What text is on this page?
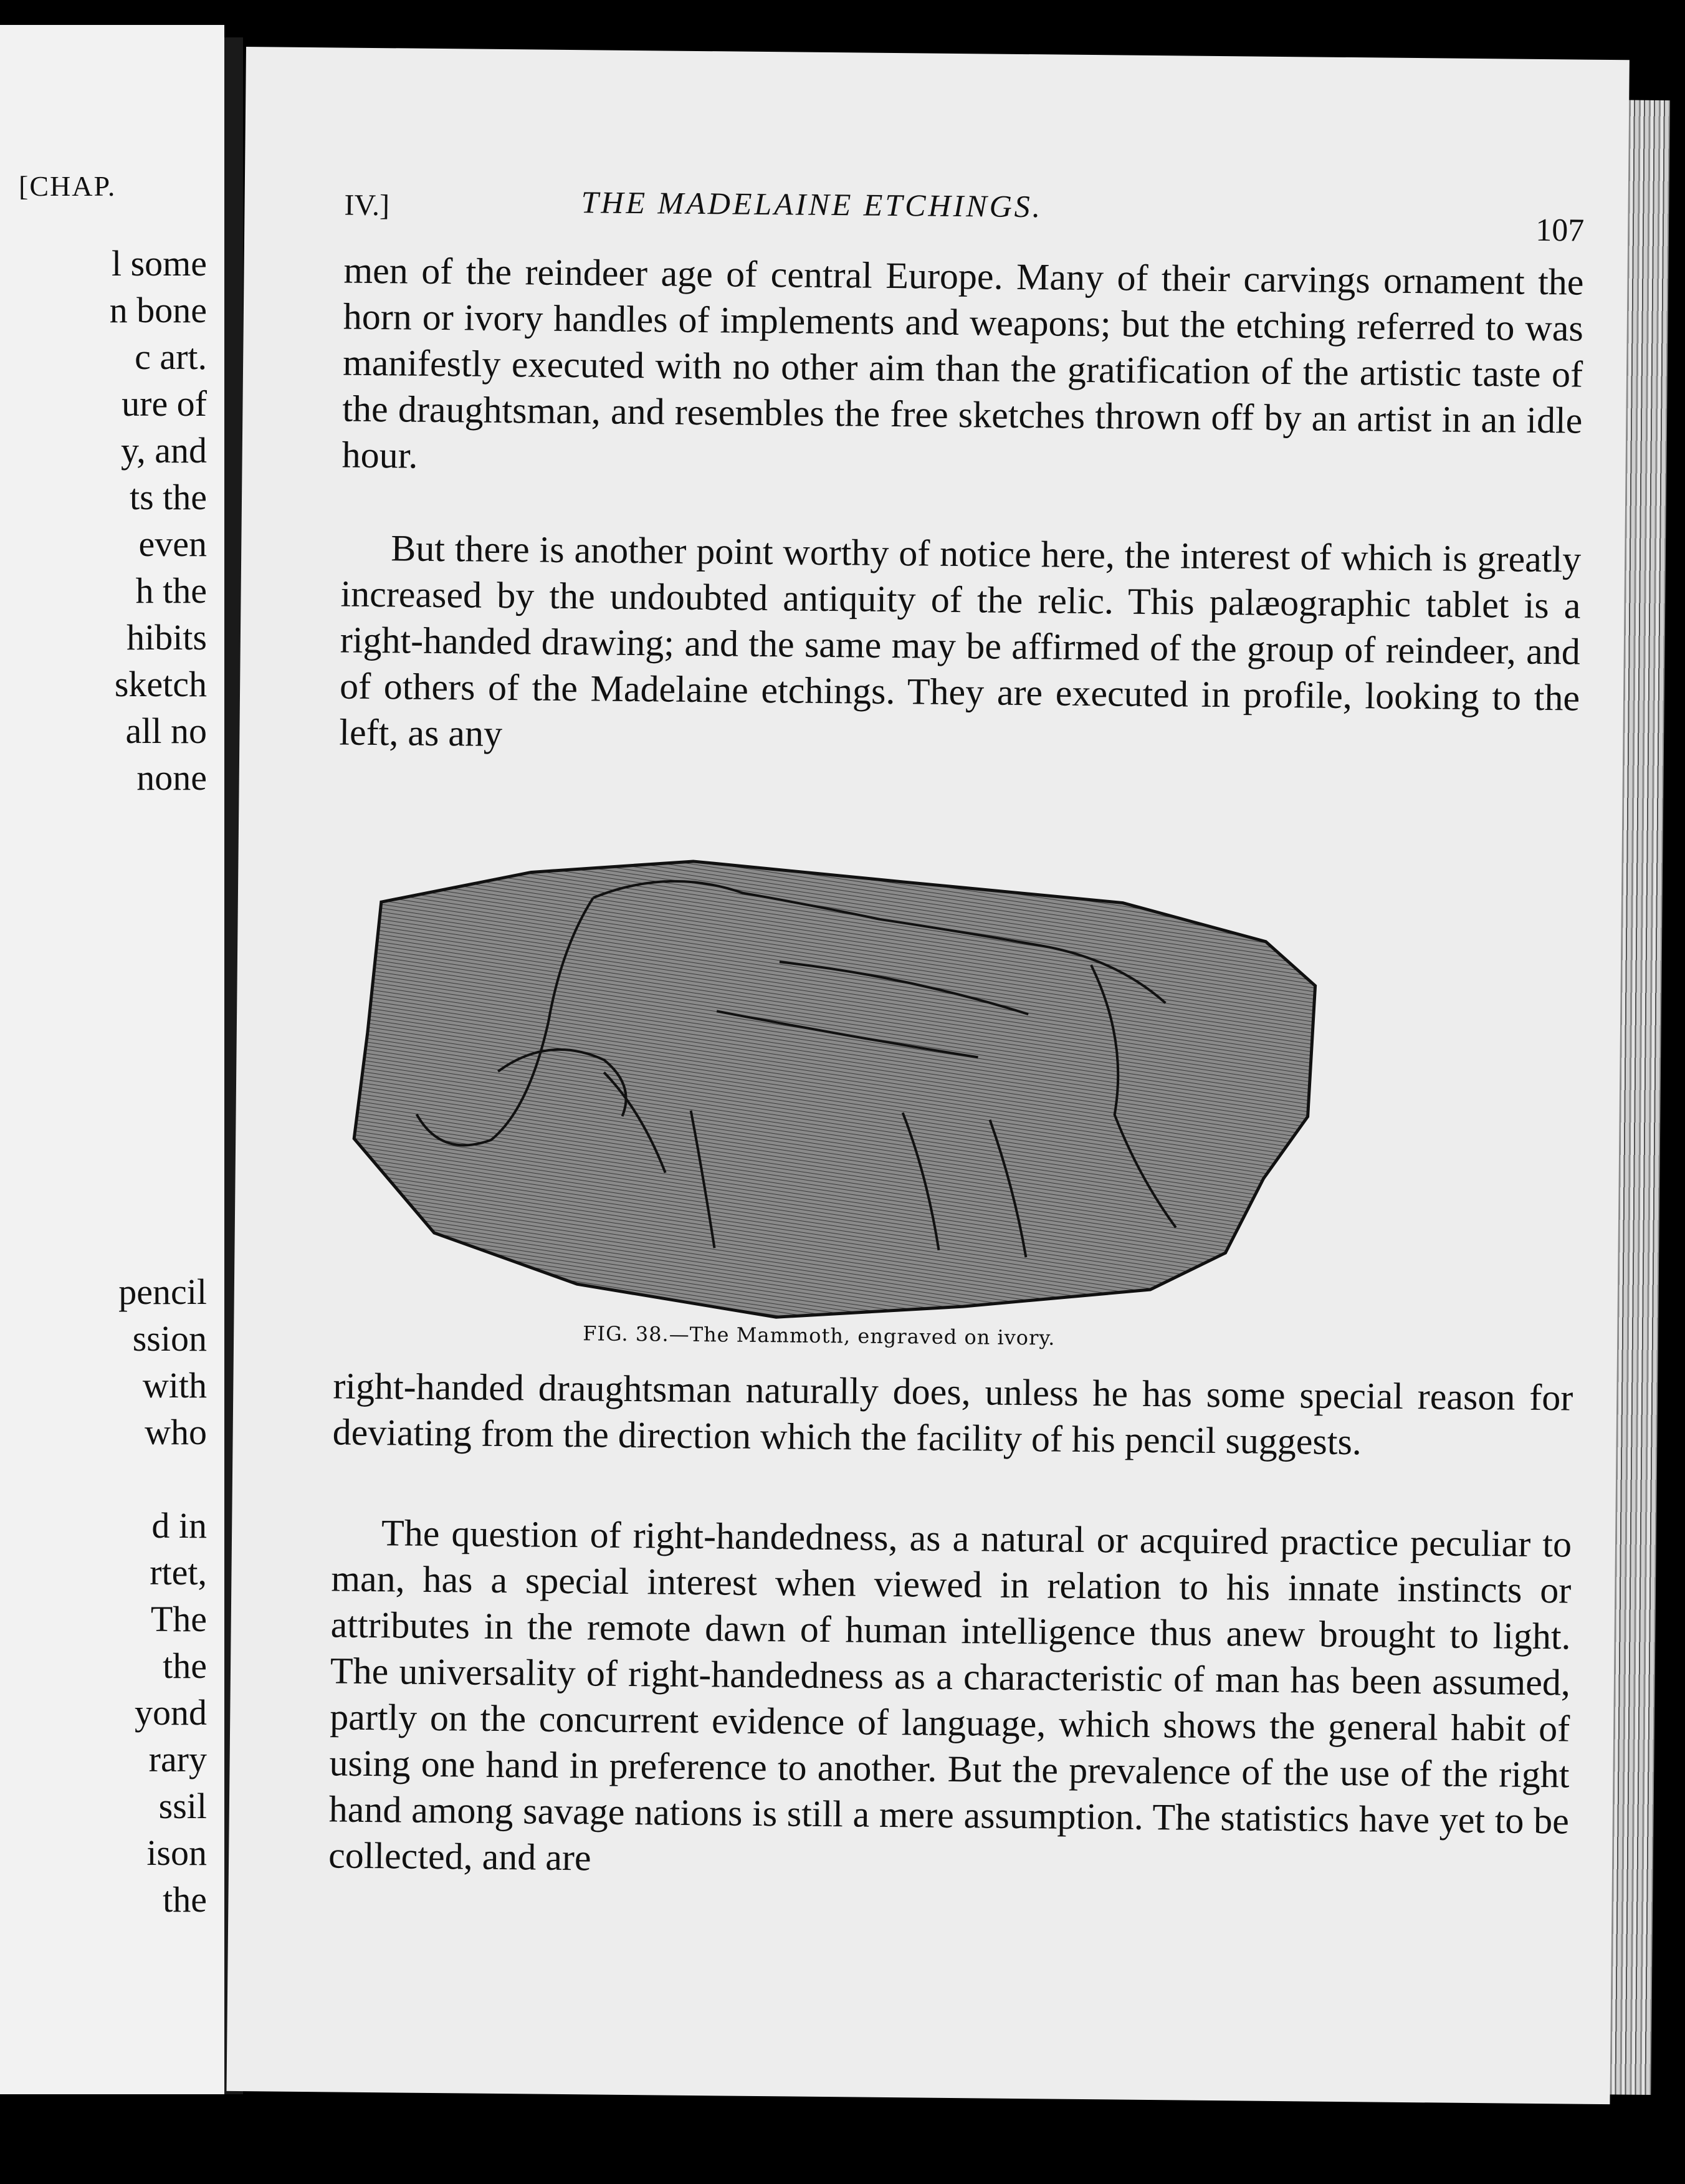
[CHAP.
l some
n bone
c art.
ure of
y, and
ts the
even
h the
hibits
sketch
all no
none
pencil
ssion
with
who
d in
rtet,
The
the
yond
rary
ssil
ison
the
IV.]	THE MADELAINE ETCHINGS.
107

men of the reindeer age of central Europe. Many of their carvings ornament the horn or ivory handles of implements and weapons; but the etching referred to was manifestly executed with no other aim than the gratification of the artistic taste of the draughtsman, and resembles the free sketches thrown off by an artist in an idle hour.

But there is another point worthy of notice here, the interest of which is greatly increased by the undoubted antiquity of the relic. This palæographic tablet is a right-handed drawing; and the same may be affirmed of the group of reindeer, and of others of the Madelaine etchings. They are executed in profile, looking to the left, as any

FIG. 38.—The Mammoth, engraved on ivory.

right-handed draughtsman naturally does, unless he has some special reason for deviating from the direction which the facility of his pencil suggests.

The question of right-handedness, as a natural or acquired practice peculiar to man, has a special interest when viewed in relation to his innate instincts or attributes in the remote dawn of human intelligence thus anew brought to light. The universality of right-handedness as a characteristic of man has been assumed, partly on the concurrent evidence of language, which shows the general habit of using one hand in preference to another. But the prevalence of the use of the right hand among savage nations is still a mere assumption. The statistics have yet to be collected, and are
